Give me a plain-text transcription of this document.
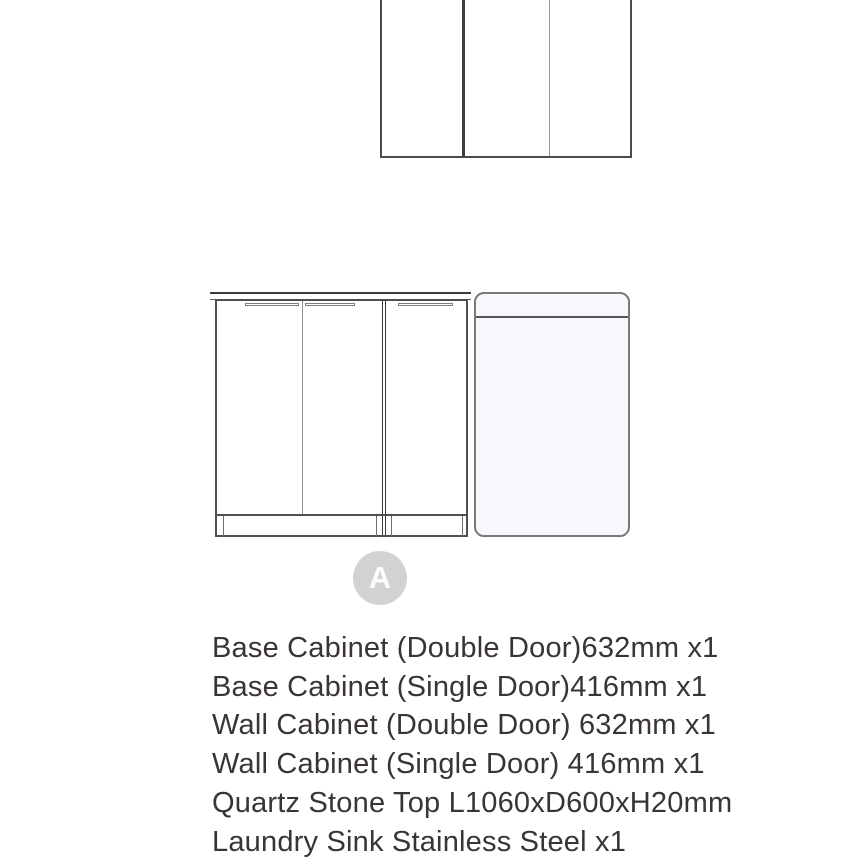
A
Base Cabinet (Double Door)632mm x1
Base Cabinet (Single Door)416mm x1
Wall Cabinet (Double Door) 632mm x1
Wall Cabinet (Single Door) 416mm x1
Quartz Stone Top L1060xD600xH20mm
Laundry Sink Stainless Steel x1
